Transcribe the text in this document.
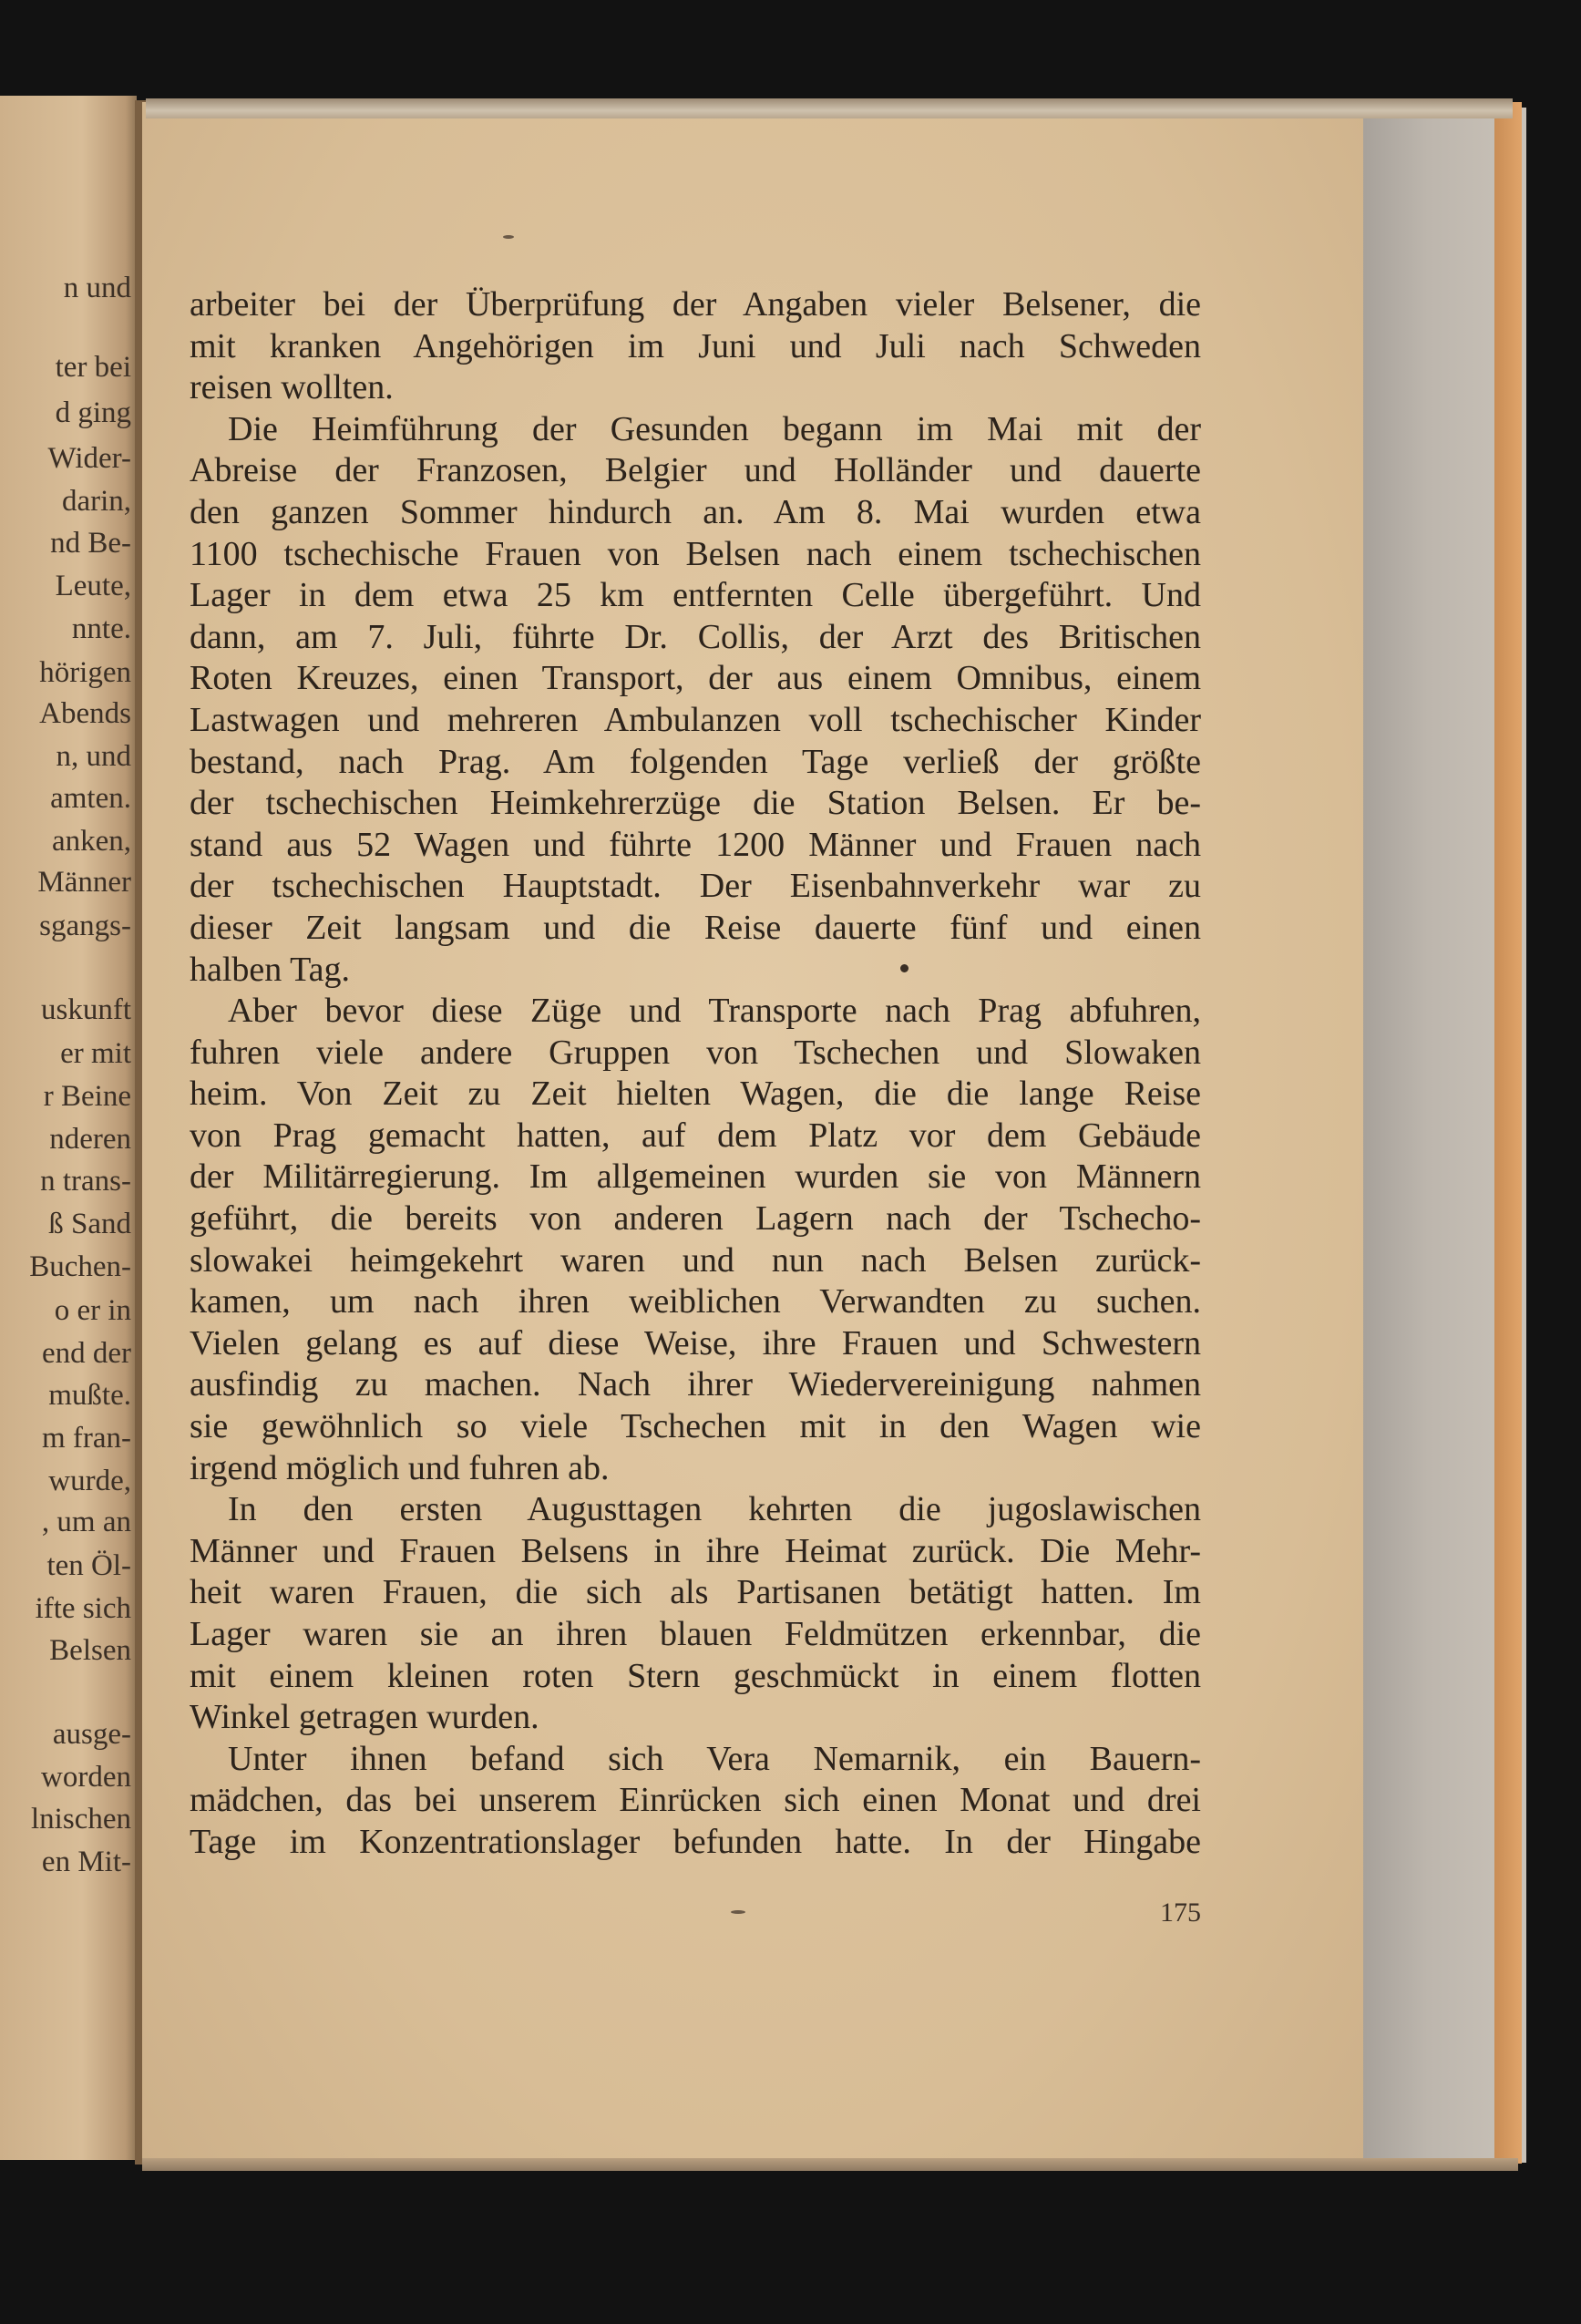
n und
ter bei
d ging
Wider-
darin,
nd Be-
Leute,
nnte.
hörigen
Abends
n, und
amten.
anken,
Männer
sgangs-
uskunft
er mit
r Beine
nderen
n trans-
ß Sand
Buchen-
o er in
end der
mußte.
m fran-
wurde,
, um an
ten Öl-
ifte sich
Belsen
ausge-
worden
lnischen
en Mit-
arbeiter bei der Überprüfung der Angaben vieler Belsener, die
mit kranken Angehörigen im Juni und Juli nach Schweden
reisen wollten.
Die Heimführung der Gesunden begann im Mai mit der
Abreise der Franzosen, Belgier und Holländer und dauerte
den ganzen Sommer hindurch an. Am 8. Mai wurden etwa
1100 tschechische Frauen von Belsen nach einem tschechischen
Lager in dem etwa 25 km entfernten Celle übergeführt. Und
dann, am 7. Juli, führte Dr. Collis, der Arzt des Britischen
Roten Kreuzes, einen Transport, der aus einem Omnibus, einem
Lastwagen und mehreren Ambulanzen voll tschechischer Kinder
bestand, nach Prag. Am folgenden Tage verließ der größte
der tschechischen Heimkehrerzüge die Station Belsen. Er be-
stand aus 52 Wagen und führte 1200 Männer und Frauen nach
der tschechischen Hauptstadt. Der Eisenbahnverkehr war zu
dieser Zeit langsam und die Reise dauerte fünf und einen
halben Tag.
Aber bevor diese Züge und Transporte nach Prag abfuhren,
fuhren viele andere Gruppen von Tschechen und Slowaken
heim. Von Zeit zu Zeit hielten Wagen, die die lange Reise
von Prag gemacht hatten, auf dem Platz vor dem Gebäude
der Militärregierung. Im allgemeinen wurden sie von Männern
geführt, die bereits von anderen Lagern nach der Tschecho-
slowakei heimgekehrt waren und nun nach Belsen zurück-
kamen, um nach ihren weiblichen Verwandten zu suchen.
Vielen gelang es auf diese Weise, ihre Frauen und Schwestern
ausfindig zu machen. Nach ihrer Wiedervereinigung nahmen
sie gewöhnlich so viele Tschechen mit in den Wagen wie
irgend möglich und fuhren ab.
In den ersten Augusttagen kehrten die jugoslawischen
Männer und Frauen Belsens in ihre Heimat zurück. Die Mehr-
heit waren Frauen, die sich als Partisanen betätigt hatten. Im
Lager waren sie an ihren blauen Feldmützen erkennbar, die
mit einem kleinen roten Stern geschmückt in einem flotten
Winkel getragen wurden.
Unter ihnen befand sich Vera Nemarnik, ein Bauern-
mädchen, das bei unserem Einrücken sich einen Monat und drei
Tage im Konzentrationslager befunden hatte. In der Hingabe
175
